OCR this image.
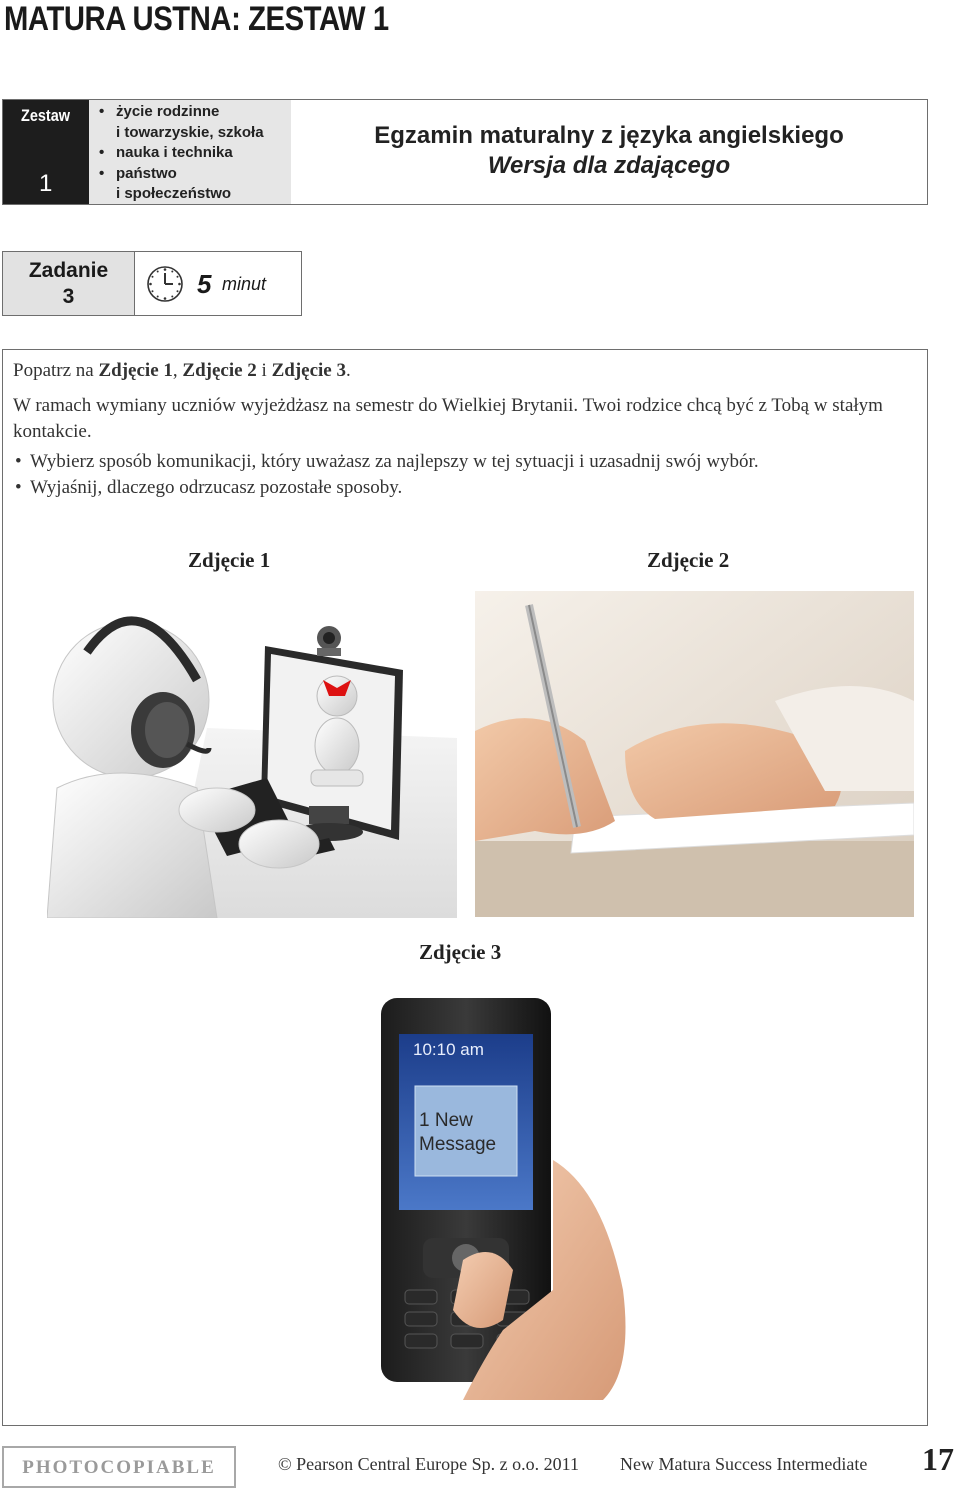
MATURA USTNA: ZESTAW 1
Zestaw
1
• życie rodzinne
i towarzyskie, szkoła
• nauka i technika
• państwo
i społeczeństwo
Egzamin maturalny z języka angielskiego
Wersja dla zdającego
Zadanie
3	5 minut

Popatrz na Zdjęcie 1, Zdjęcie 2 i Zdjęcie 3.

W ramach wymiany uczniów wyjeżdżasz na semestr do Wielkiej Brytanii. Twoi rodzice chcą być z Tobą w stałym kontakcie.

• Wybierz sposób komunikacji, który uważasz za najlepszy w tej sytuacji i uzasadnij swój wybór.

• Wyjaśnij, dlaczego odrzucasz pozostałe sposoby.

Zdjęcie 1	Zdjęcie 2
Zdjęcie 3
10:10 am
1 New
Message
PHOTOCOPIABLE	© Pearson Central Europe Sp. z o.o. 2011 New Matura Success Intermediate 17
